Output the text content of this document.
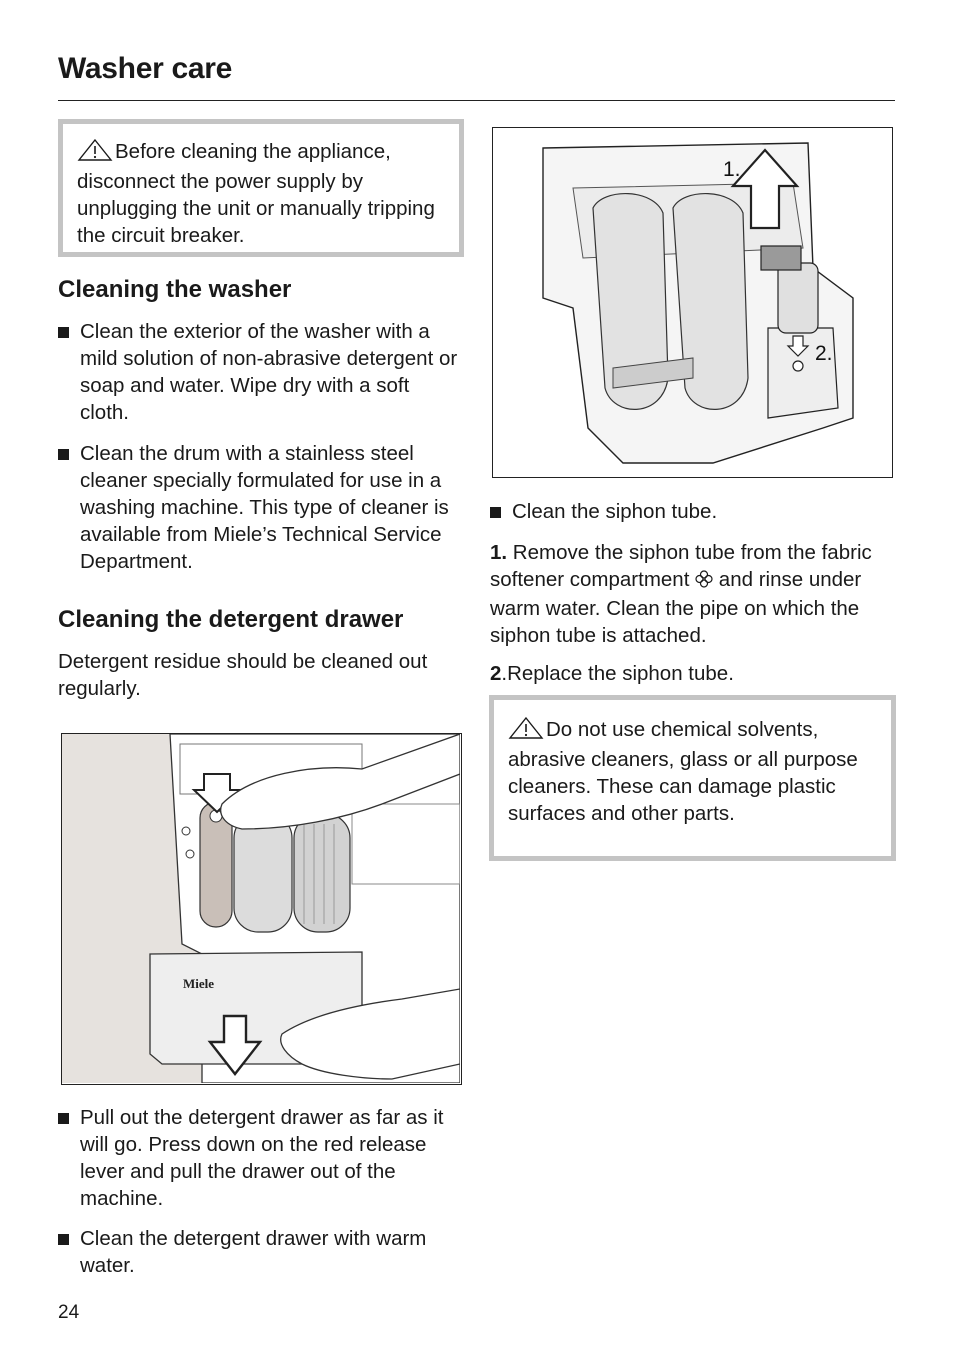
Washer care
Before cleaning the appliance, disconnect the power supply by unplugging the unit or manually tripping the circuit breaker.
Cleaning the washer
Clean the exterior of the washer with a mild solution of non-abrasive detergent or soap and water. Wipe dry with a soft cloth.
Clean the drum with a stainless steel cleaner specially formulated for use in a washing machine. This type of cleaner is available from Miele’s Technical Service Department.
Cleaning the detergent drawer
Detergent residue should be cleaned out regularly.
Miele
Pull out the detergent drawer as far as it will go. Press down on the red release lever and pull the drawer out of the machine.
Clean the detergent drawer with warm water.
1.
2.
Clean the siphon tube.
1. Remove the siphon tube from the fabric softener compartment  and rinse under warm water. Clean the pipe on which the siphon tube is attached.
2.Replace the siphon tube.
Do not use chemical solvents, abrasive cleaners, glass or all purpose cleaners. These can damage plastic surfaces and other parts.
24
